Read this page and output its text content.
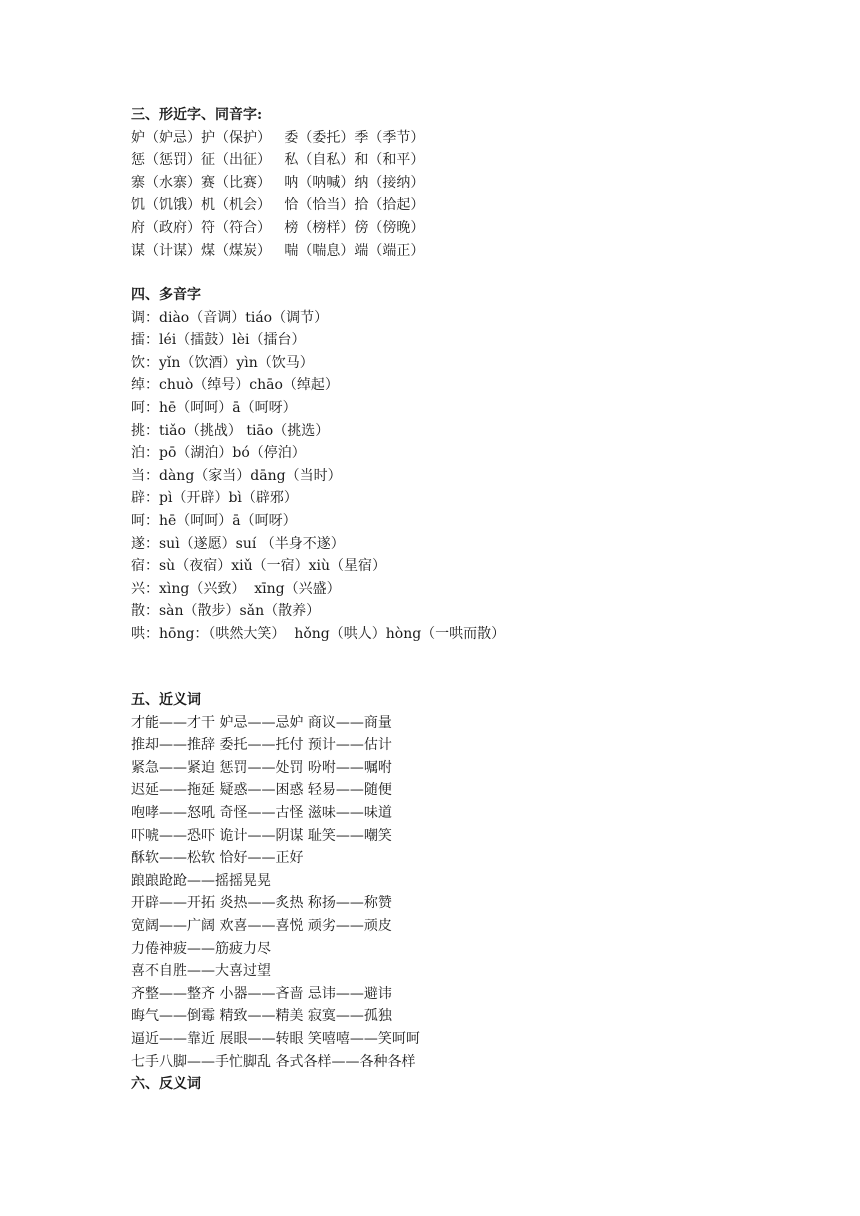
三、形近字、同音字:
妒（妒忌）护（保护）   委（委托）季（季节）
惩（惩罚）征（出征）   私（自私）和（和平）
寨（水寨）赛（比赛）   呐（呐喊）纳（接纳）
饥（饥饿）机（机会）   恰（恰当）拾（拾起）
府（政府）符（符合）   榜（榜样）傍（傍晚）
谋（计谋）煤（煤炭）   喘（喘息）端（端正）
四、多音字
调：diào（音调）tiáo（调节）
擂：léi（擂鼓）lèi（擂台）
饮：yǐn（饮酒）yìn（饮马）
绰：chuò（绰号）chāo（绰起）
呵：hē（呵呵）ā（呵呀）
挑：tiǎo（挑战） tiāo（挑选）
泊：pō（湖泊）bó（停泊）
当：dàng（家当）dāng（当时）
辟：pì（开辟）bì（辟邪）
呵：hē（呵呵）ā（呵呀）
遂：suì（遂愿）suí （半身不遂）
宿：sù（夜宿）xiǔ（一宿）xiù（星宿）
兴：xìng（兴致）  xīng（兴盛）
散：sàn（散步）sǎn（散养）
哄：hōng：（哄然大笑）  hǒng（哄人）hòng（一哄而散）
五、近义词
才能——才干 妒忌——忌妒 商议——商量
推却——推辞 委托——托付 预计——估计
紧急——紧迫 惩罚——处罚 吩咐——嘱咐
迟延——拖延 疑惑——困惑 轻易——随便
咆哮——怒吼 奇怪——古怪 滋味——味道
吓唬——恐吓 诡计——阴谋 耻笑——嘲笑
酥软——松软 恰好——正好
踉踉跄跄——摇摇晃晃
开辟——开拓 炎热——炙热 称扬——称赞
宽阔——广阔 欢喜——喜悦 顽劣——顽皮
力倦神疲——筋疲力尽
喜不自胜——大喜过望
齐整——整齐 小器——吝啬 忌讳——避讳
晦气——倒霉 精致——精美 寂寞——孤独
逼近——靠近 展眼——转眼 笑嘻嘻——笑呵呵
七手八脚——手忙脚乱 各式各样——各种各样
六、反义词
